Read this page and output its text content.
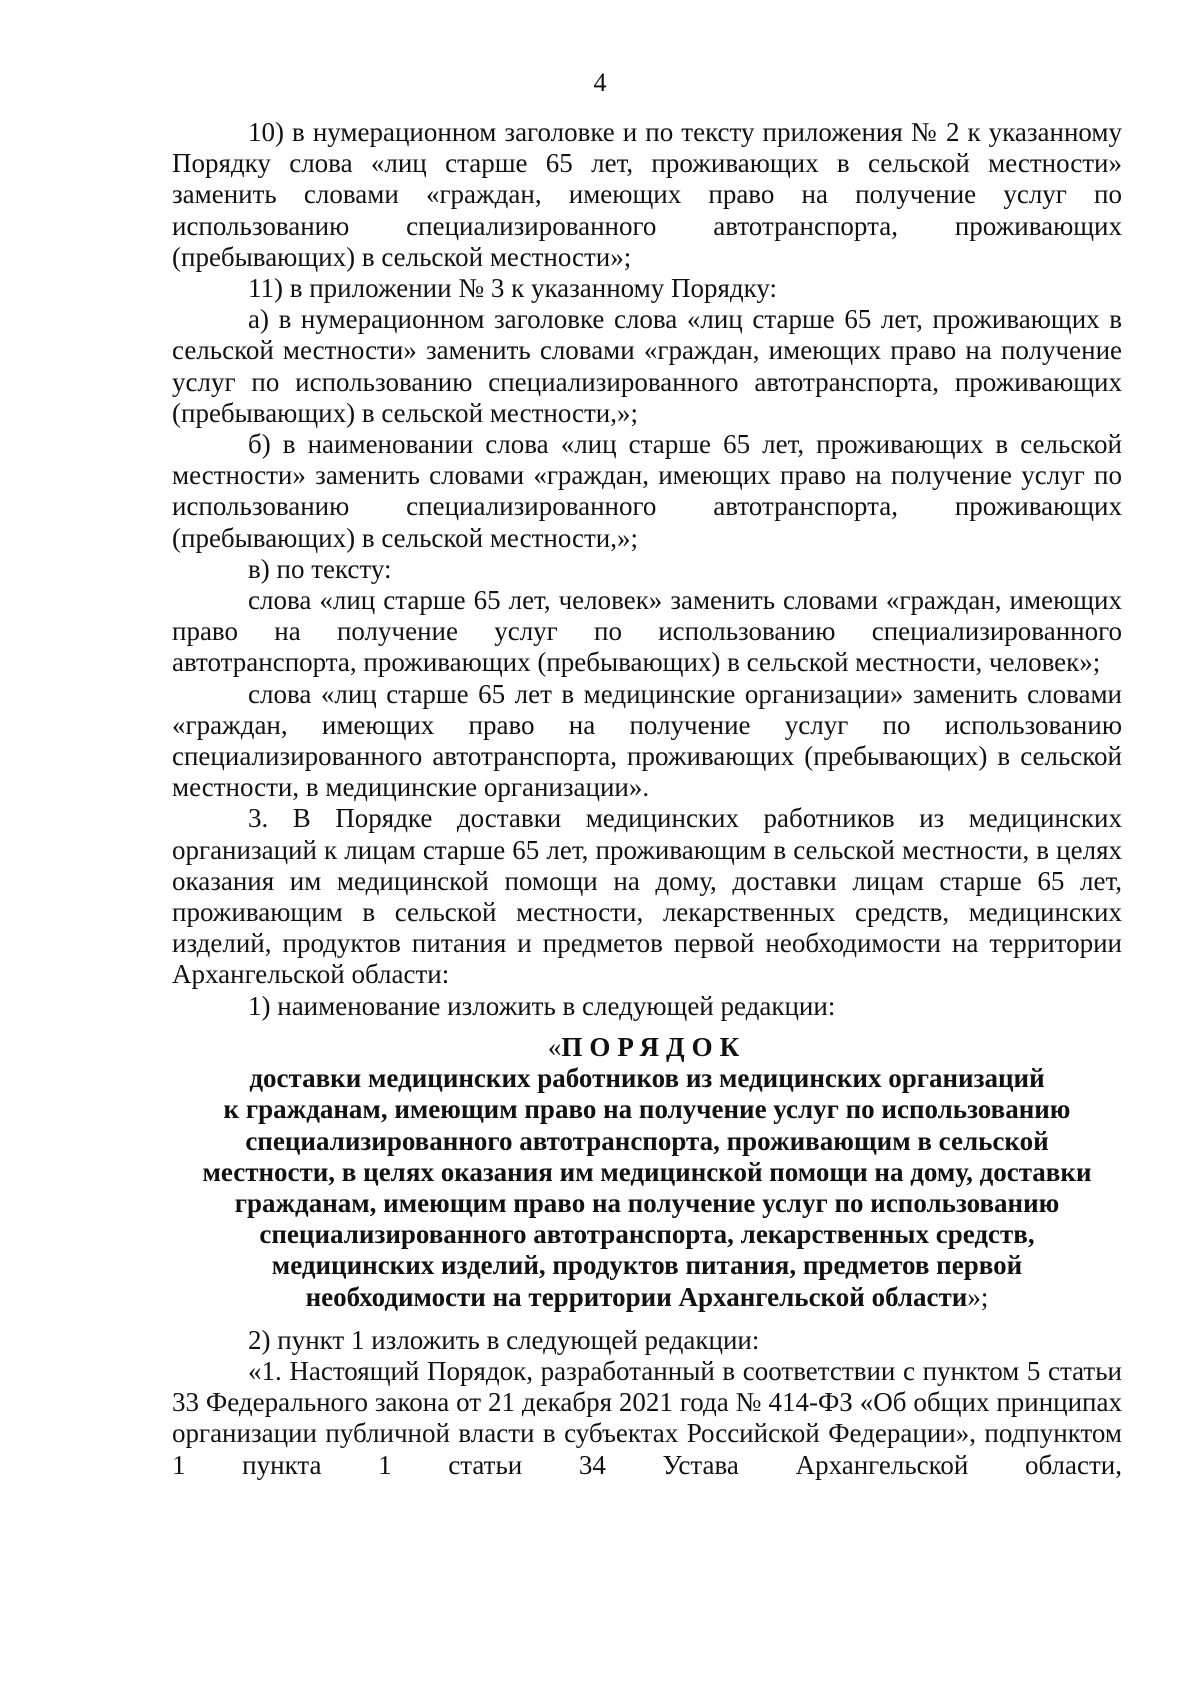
4

10) в нумерационном заголовке и по тексту приложения № 2 к указанному Порядку слова «лиц старше 65 лет, проживающих в сельской местности» заменить словами «граждан, имеющих право на получение услуг по использованию специализированного автотранспорта, проживающих (пребывающих) в сельской местности»;

11) в приложении № 3 к указанному Порядку:

а) в нумерационном заголовке слова «лиц старше 65 лет, проживающих в сельской местности» заменить словами «граждан, имеющих право на получение услуг по использованию специализированного автотранспорта, проживающих (пребывающих) в сельской местности,»;

б) в наименовании слова «лиц старше 65 лет, проживающих в сельской местности» заменить словами «граждан, имеющих право на получение услуг по использованию специализированного автотранспорта, проживающих (пребывающих) в сельской местности,»;

в) по тексту:

слова «лиц старше 65 лет, человек» заменить словами «граждан, имеющих право на получение услуг по использованию специализированного автотранспорта, проживающих (пребывающих) в сельской местности, человек»;

слова «лиц старше 65 лет в медицинские организации» заменить словами «граждан, имеющих право на получение услуг по использованию специализированного автотранспорта, проживающих (пребывающих) в сельской местности, в медицинские организации».

3. В Порядке доставки медицинских работников из медицинских организаций к лицам старше 65 лет, проживающим в сельской местности, в целях оказания им медицинской помощи на дому, доставки лицам старше 65 лет, проживающим в сельской местности, лекарственных средств, медицинских изделий, продуктов питания и предметов первой необходимости на территории Архангельской области:

1) наименование изложить в следующей редакции:

«ПОРЯДОК
доставки медицинских работников из медицинских организаций
к гражданам, имеющим право на получение услуг по использованию
специализированного автотранспорта, проживающим в сельской
местности, в целях оказания им медицинской помощи на дому, доставки
гражданам, имеющим право на получение услуг по использованию
специализированного автотранспорта, лекарственных средств,
медицинских изделий, продуктов питания, предметов первой
необходимости на территории Архангельской области»;

2) пункт 1 изложить в следующей редакции:

«1. Настоящий Порядок, разработанный в соответствии с пунктом 5 статьи 33 Федерального закона от 21 декабря 2021 года № 414-ФЗ «Об общих принципах организации публичной власти в субъектах Российской Федерации», подпунктом 1 пункта 1 статьи 34 Устава Архангельской области,
